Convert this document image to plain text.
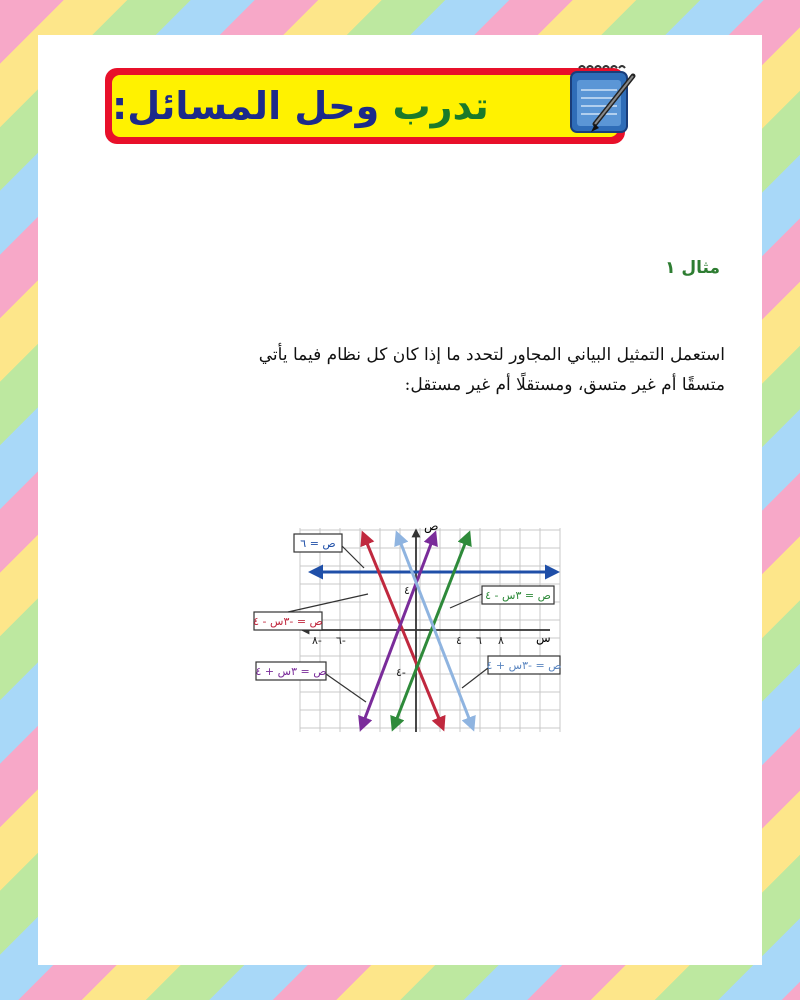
تدرب وحل المسائل:
مثال ١

استعمل التمثيل البياني المجاور لتحدد ما إذا كان كل نظام فيما يأتي

متسقًا أم غير متسق، ومستقلًا أم غير مستقل:

ص
س
٨- ٦-	٤ ٦ ٨
٤
٤-
ص = ٦
ص = -٣س - ٤
ص = ٣س + ٤
ص = ٣س - ٤
ص = -٣س + ٤
